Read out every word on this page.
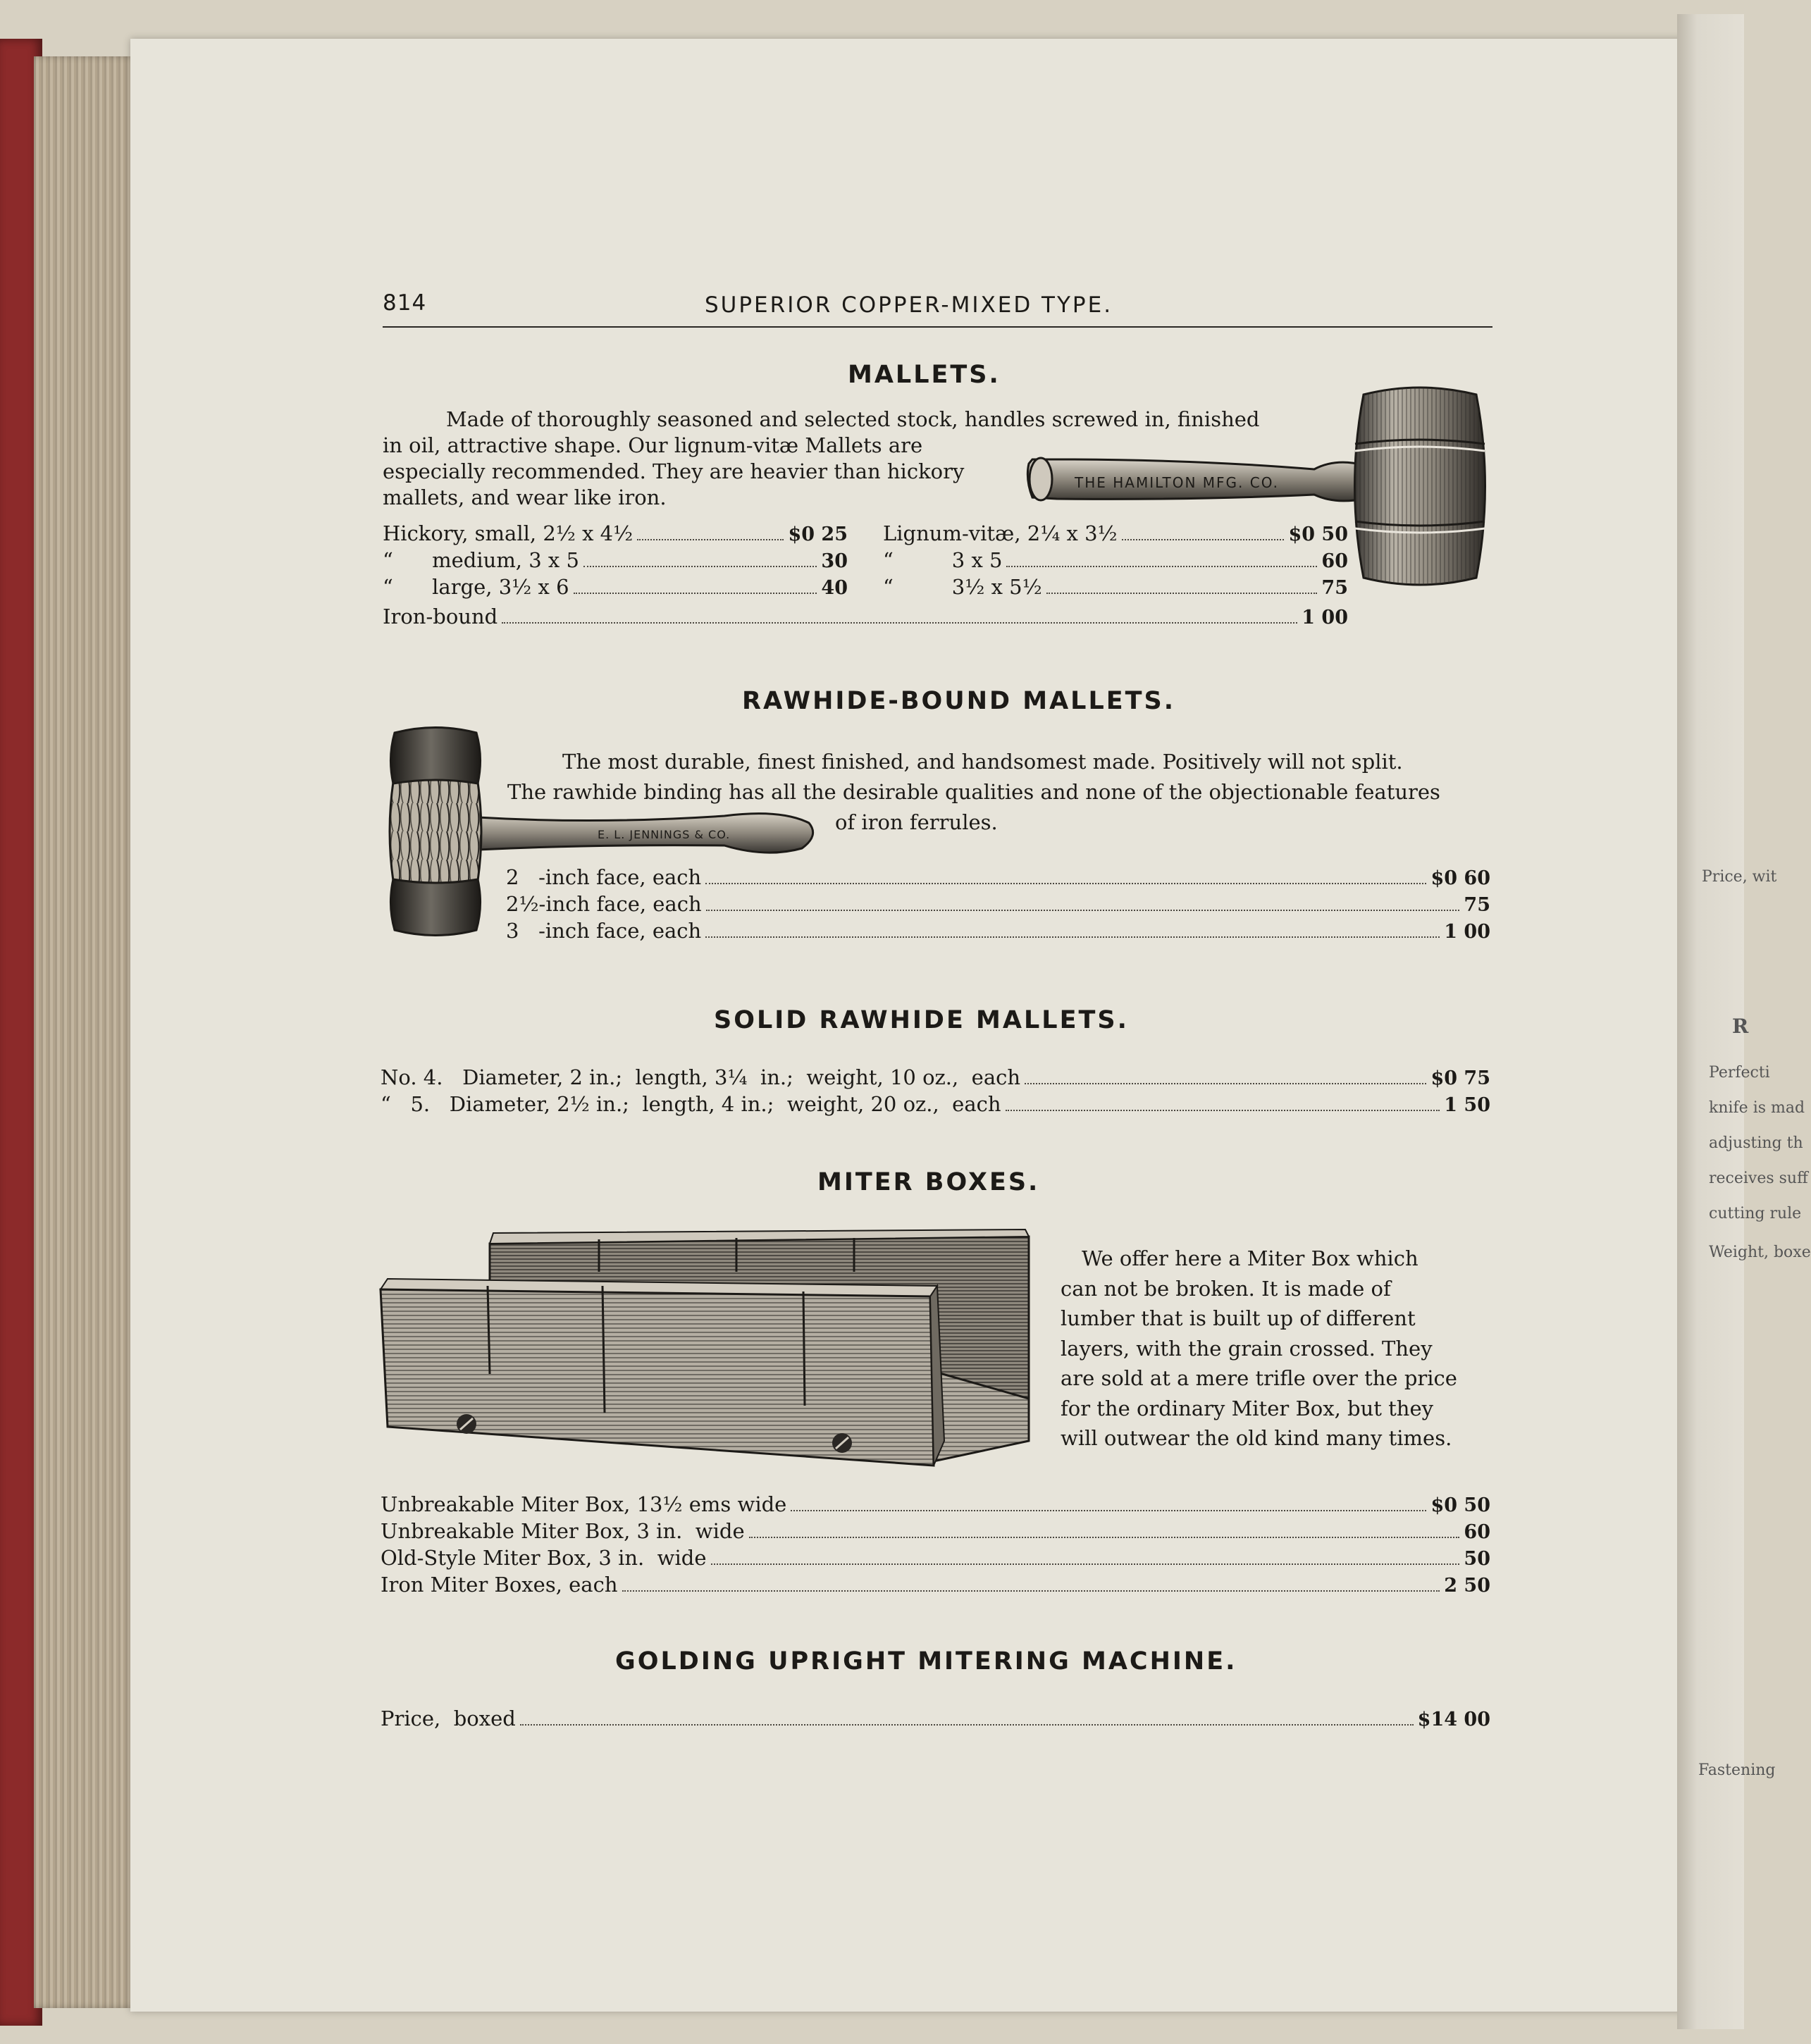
Price, wit
R
Perfecti
knife is mad
adjusting th
receives suff
cutting rule
Weight, boxe
Fastening
814	SUPERIOR COPPER-MIXED TYPE.
MALLETS.
Made of thoroughly seasoned and selected stock, handles screwed in, finished
in oil, attractive shape. Our lignum-vitæ Mallets are
especially recommended. They are heavier than hickory
mallets, and wear like iron.
THE HAMILTON MFG. CO.
Hickory, small, 2½ x 4½	$0 25
“      medium, 3 x 5	30
“      large, 3½ x 6	40
Lignum-vitæ, 2¼ x 3½	$0 50
“         3 x 5	60
“         3½ x 5½	75
Iron-bound	1 00
RAWHIDE-BOUND MALLETS.
E. L. JENNINGS & CO.
The most durable, finest finished, and handsomest made. Positively will not split.
The rawhide binding has all the desirable qualities and none of the objectionable features
of iron ferrules.
2   -inch face, each	$0 60
2½-inch face, each	75
3   -inch face, each	1 00
SOLID RAWHIDE MALLETS.
No. 4.   Diameter, 2 in.;  length, 3¼  in.;  weight, 10 oz.,  each	$0 75
“   5.   Diameter, 2½ in.;  length, 4 in.;  weight, 20 oz.,  each	1 50
MITER BOXES.
We offer here a Miter Box which
can not be broken. It is made of
lumber that is built up of different
layers, with the grain crossed. They
are sold at a mere trifle over the price
for the ordinary Miter Box, but they
will outwear the old kind many times.
Unbreakable Miter Box, 13½ ems wide	$0 50
Unbreakable Miter Box, 3 in.  wide	60
Old-Style Miter Box, 3 in.  wide	50
Iron Miter Boxes, each	2 50
GOLDING UPRIGHT MITERING MACHINE.
Price,  boxed	$14 00
